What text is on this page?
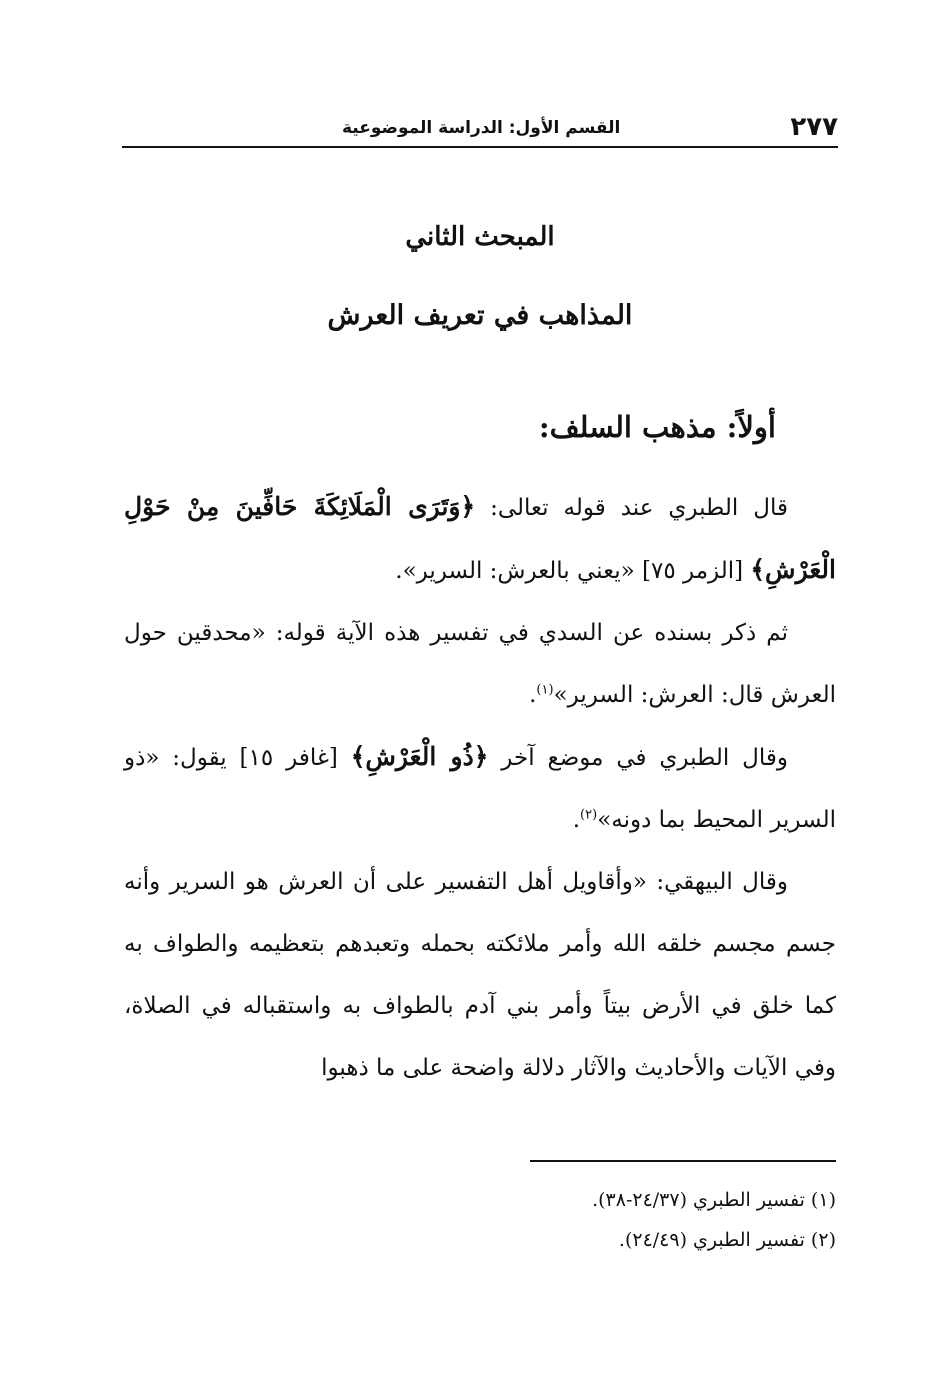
٢٧٧
القسم الأول: الدراسة الموضوعية
المبحث الثاني
المذاهب في تعريف العرش
أولاً: مذهب السلف:

قال الطبري عند قوله تعالى: ﴿وَتَرَى الْمَلَائِكَةَ حَافِّينَ مِنْ حَوْلِ الْعَرْشِ﴾ [الزمر ٧٥] «يعني بالعرش: السرير».

ثم ذكر بسنده عن السدي في تفسير هذه الآية قوله: «محدقين حول العرش قال: العرش: السرير»$^{(١)}$.

وقال الطبري في موضع آخر ﴿ذُو الْعَرْشِ﴾ [غافر ١٥] يقول: «ذو السرير المحيط بما دونه»$^{(٢)}$.

وقال البيهقي: «وأقاويل أهل التفسير على أن العرش هو السرير وأنه جسم مجسم خلقه الله وأمر ملائكته بحمله وتعبدهم بتعظيمه والطواف به كما خلق في الأرض بيتاً وأمر بني آدم بالطواف به واستقباله في الصلاة، وفي الآيات والأحاديث والآثار دلالة واضحة على ما ذهبوا

(١) تفسير الطبري (٢٤/٣٧-٣٨).
(٢) تفسير الطبري (٢٤/٤٩).
